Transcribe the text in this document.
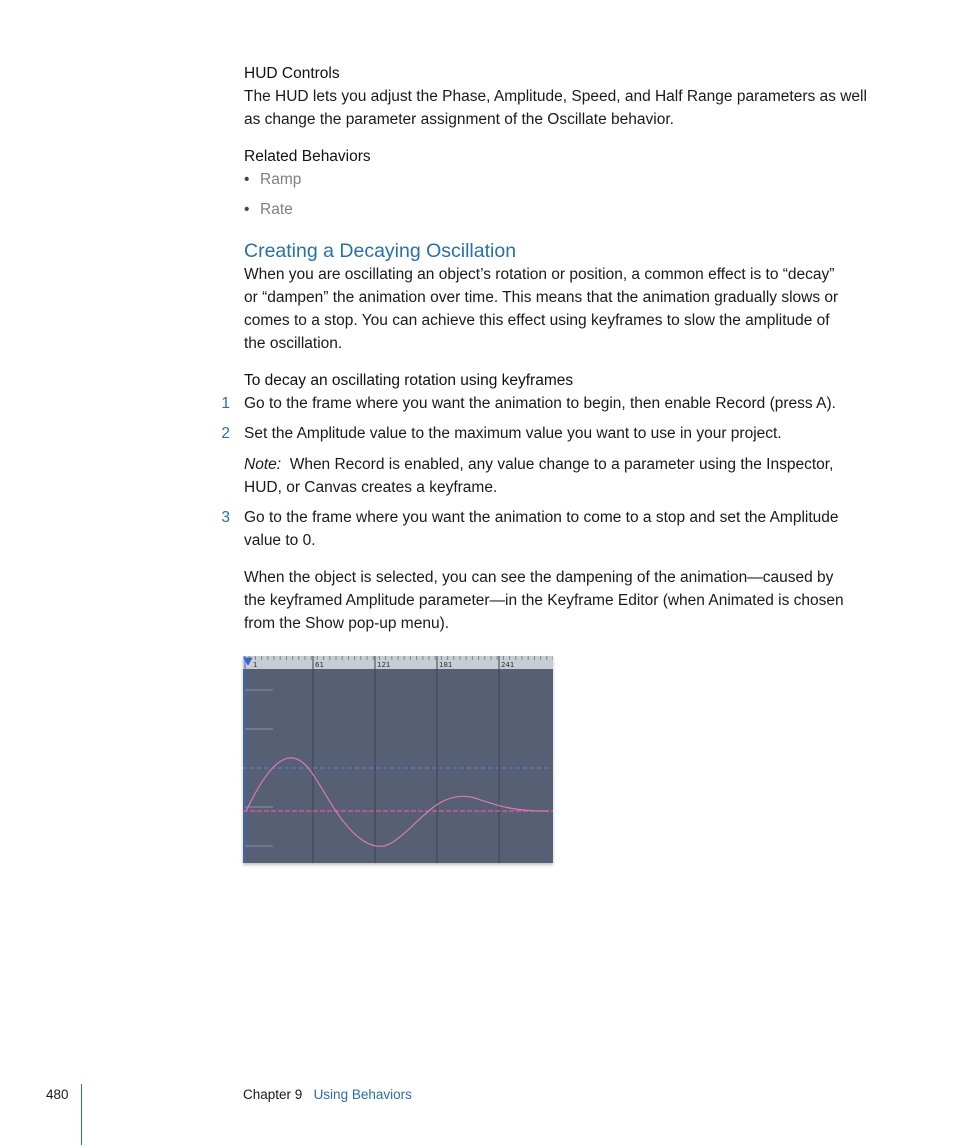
HUD Controls
The HUD lets you adjust the Phase, Amplitude, Speed, and Half Range parameters as well
as change the parameter assignment of the Oscillate behavior.
Related Behaviors
• Ramp
• Rate
Creating a Decaying Oscillation
When you are oscillating an object’s rotation or position, a common effect is to “decay”
or “dampen” the animation over time. This means that the animation gradually slows or
comes to a stop. You can achieve this effect using keyframes to slow the amplitude of
the oscillation.
To decay an oscillating rotation using keyframes
1 Go to the frame where you want the animation to begin, then enable Record (press A).
2 Set the Amplitude value to the maximum value you want to use in your project.
Note: When Record is enabled, any value change to a parameter using the Inspector,
HUD, or Canvas creates a keyframe.
3 Go to the frame where you want the animation to come to a stop and set the Amplitude
value to 0.
When the object is selected, you can see the dampening of the animation—caused by
the keyframed Amplitude parameter—in the Keyframe Editor (when Animated is chosen
from the Show pop-up menu).
1	61	121	181	241
480	Chapter 9 Using Behaviors
